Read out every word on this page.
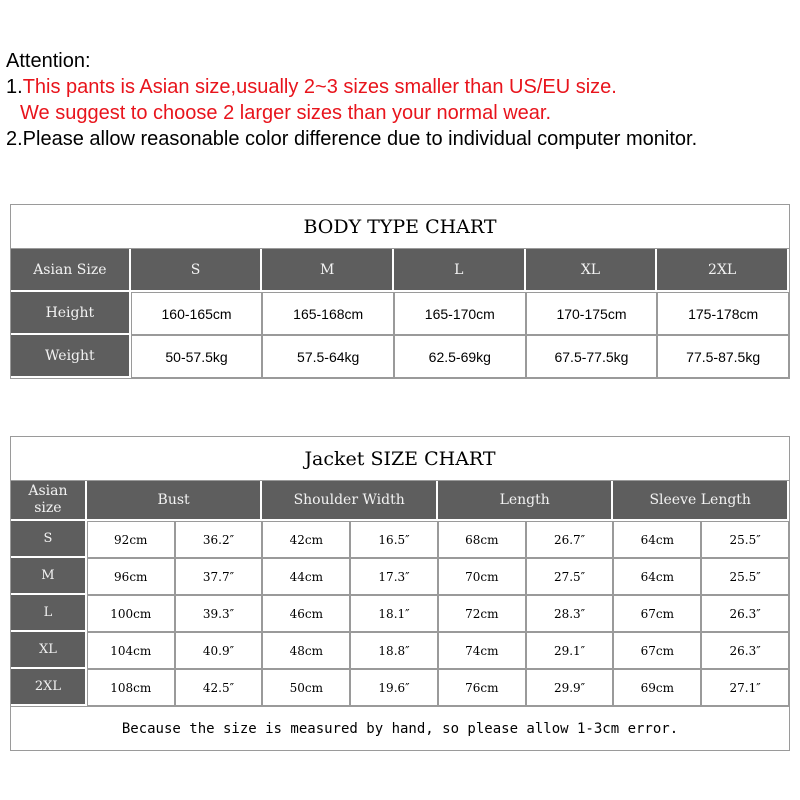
Attention:
1.This pants is Asian size,usually 2~3 sizes smaller than US/EU size.
We suggest to choose 2 larger sizes than your normal wear.
2.Please allow reasonable color difference due to individual computer monitor.
BODY TYPE CHART					
Asian Size	S	M	L	XL	2XL
Height	160-165cm	165-168cm	165-170cm	170-175cm	175-178cm
Weight	50-57.5kg	57.5-64kg	62.5-69kg	67.5-77.5kg	77.5-87.5kg
Jacket SIZE CHART								
Asian
size	Bust		Shoulder Width		Length		Sleeve Length	
S	92cm	36.2″	42cm	16.5″	68cm	26.7″	64cm	25.5″
M	96cm	37.7″	44cm	17.3″	70cm	27.5″	64cm	25.5″
L	100cm	39.3″	46cm	18.1″	72cm	28.3″	67cm	26.3″
XL	104cm	40.9″	48cm	18.8″	74cm	29.1″	67cm	26.3″
2XL	108cm	42.5″	50cm	19.6″	76cm	29.9″	69cm	27.1″
Because the size is measured by hand, so please allow 1-3cm error.								
